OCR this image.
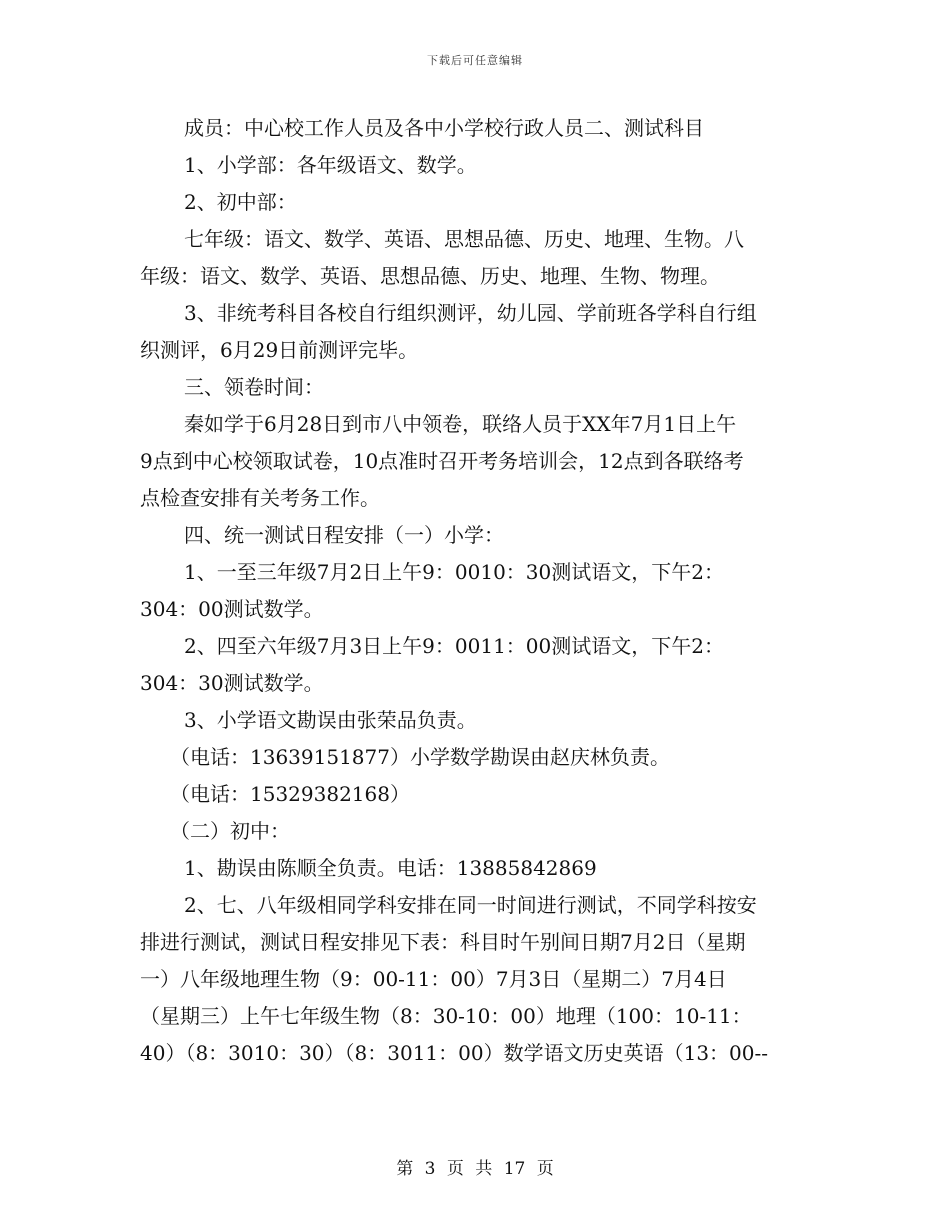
下载后可任意编辑
成员：中心校工作人员及各中小学校行政人员二、测试科目
1、小学部：各年级语文、数学。
2、初中部：
七年级：语文、数学、英语、思想品德、历史、地理、生物。八
年级：语文、数学、英语、思想品德、历史、地理、生物、物理。
3、非统考科目各校自行组织测评，幼儿园、学前班各学科自行组
织测评，6月29日前测评完毕。
三、领卷时间：
秦如学于6月28日到市八中领卷，联络人员于XX年7月1日上午
9点到中心校领取试卷，10点准时召开考务培训会，12点到各联络考
点检查安排有关考务工作。
四、统一测试日程安排（一）小学：
1、一至三年级7月2日上午9：0010：30测试语文，下午2：
304：00测试数学。
2、四至六年级7月3日上午9：0011：00测试语文，下午2：
304：30测试数学。
3、小学语文勘误由张荣品负责。
（电话：13639151877）小学数学勘误由赵庆林负责。
（电话：15329382168）
（二）初中：
1、勘误由陈顺全负责。电话：13885842869
2、七、八年级相同学科安排在同一时间进行测试，不同学科按安
排进行测试，测试日程安排见下表：科目时午别间日期7月2日（星期
一）八年级地理生物（9：00-11：00）7月3日（星期二）7月4日
（星期三）上午七年级生物（8：30-10：00）地理（100：10-11：
40）（8：3010：30）（8：3011：00）数学语文历史英语（13：00--
第 3 页 共 17 页
